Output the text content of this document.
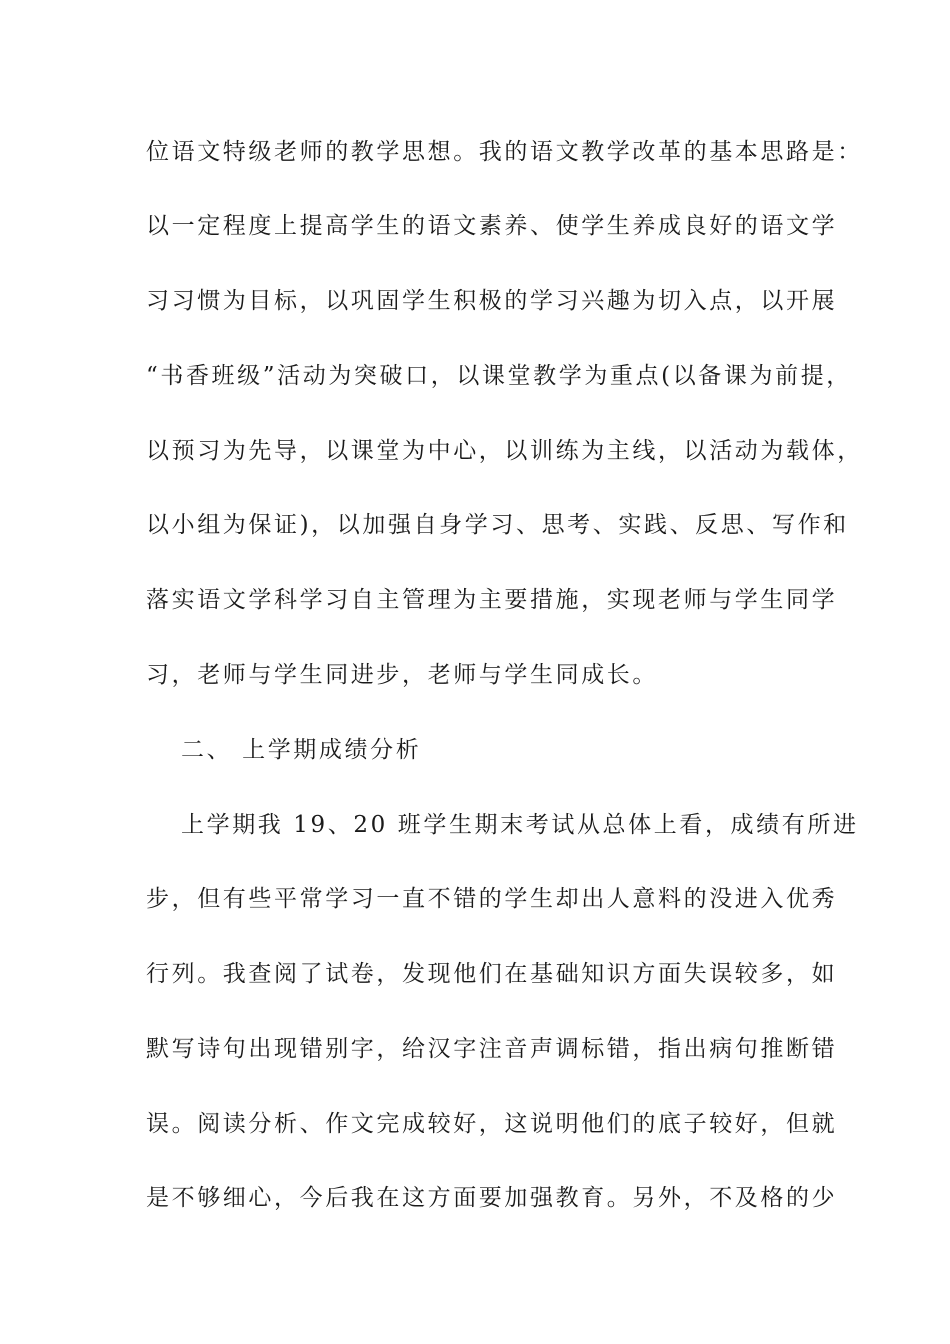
位语文特级老师的教学思想。我的语文教学改革的基本思路是：
以一定程度上提高学生的语文素养、使学生养成良好的语文学
习习惯为目标，以巩固学生积极的学习兴趣为切入点，以开展
“书香班级”活动为突破口，以课堂教学为重点(以备课为前提，
以预习为先导，以课堂为中心，以训练为主线，以活动为载体，
以小组为保证)，以加强自身学习、思考、实践、反思、写作和
落实语文学科学习自主管理为主要措施，实现老师与学生同学
习，老师与学生同进步，老师与学生同成长。
二、 上学期成绩分析
上学期我 19、20 班学生期末考试从总体上看，成绩有所进
步，但有些平常学习一直不错的学生却出人意料的没进入优秀
行列。我查阅了试卷，发现他们在基础知识方面失误较多，如
默写诗句出现错别字，给汉字注音声调标错，指出病句推断错
误。阅读分析、作文完成较好，这说明他们的底子较好，但就
是不够细心，今后我在这方面要加强教育。另外，不及格的少
